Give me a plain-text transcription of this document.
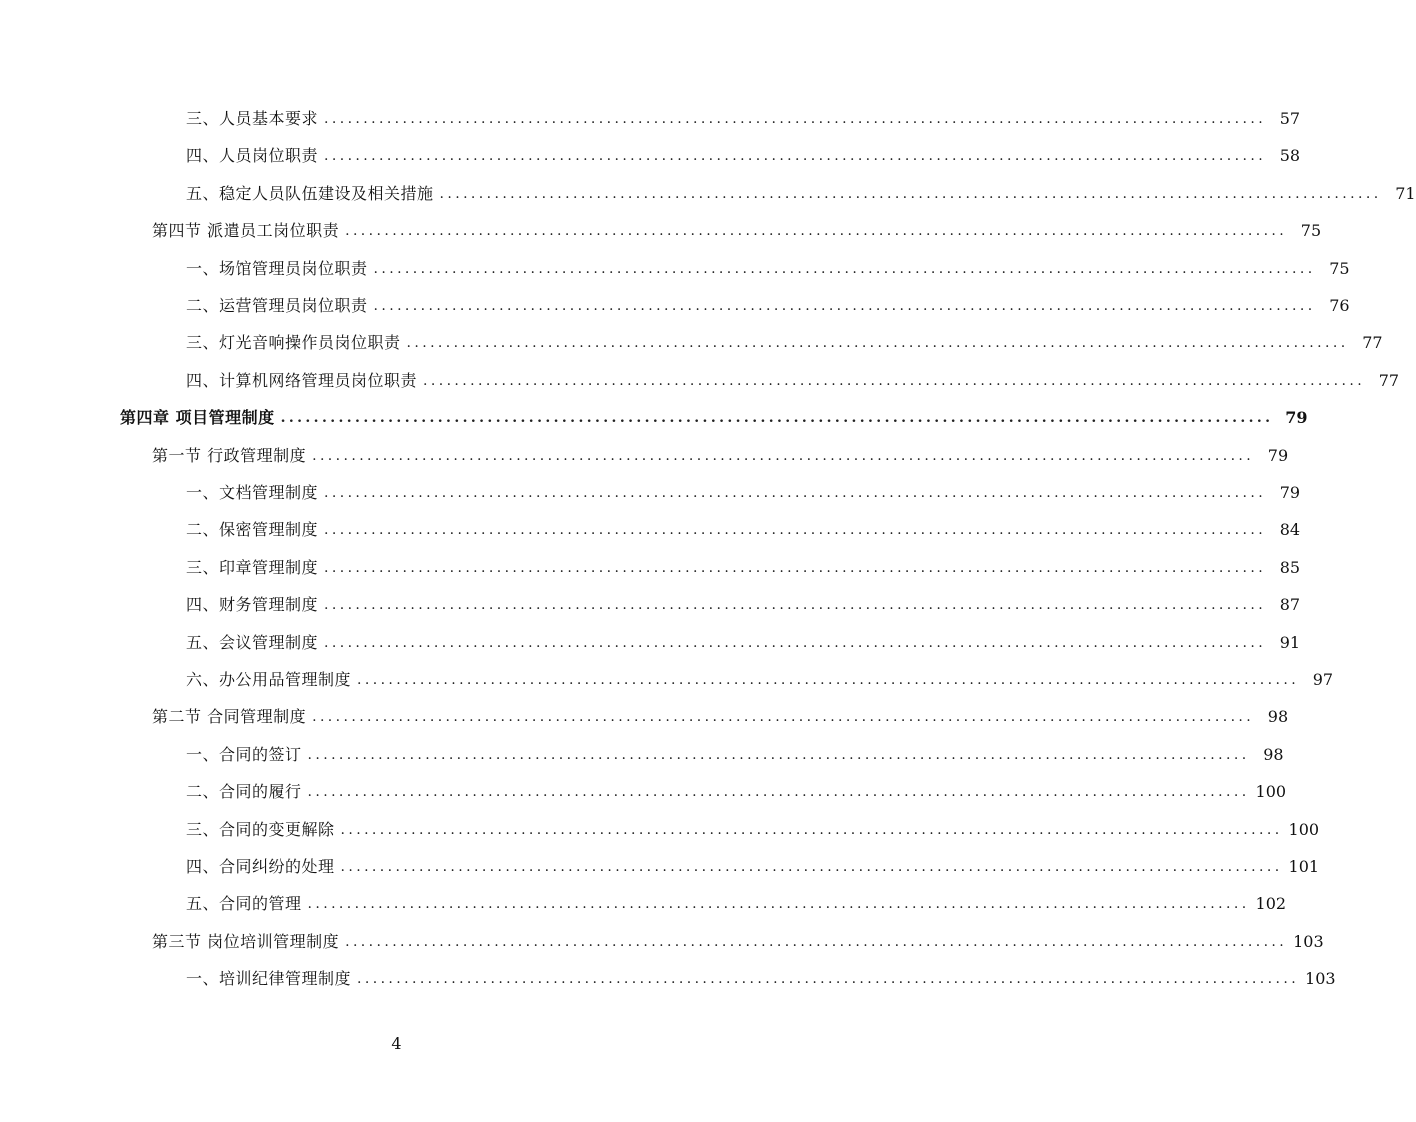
三、人员基本要求 ........................................................................................................................ 57
四、人员岗位职责 ........................................................................................................................ 58
五、稳定人员队伍建设及相关措施 ........................................................................................................................ 71
第四节 派遣员工岗位职责 ........................................................................................................................ 75
一、场馆管理员岗位职责 ........................................................................................................................ 75
二、运营管理员岗位职责 ........................................................................................................................ 76
三、灯光音响操作员岗位职责 ........................................................................................................................ 77
四、计算机网络管理员岗位职责 ........................................................................................................................ 77
第四章 项目管理制度 ........................................................................................................................ 79
第一节 行政管理制度 ........................................................................................................................ 79
一、文档管理制度 ........................................................................................................................ 79
二、保密管理制度 ........................................................................................................................ 84
三、印章管理制度 ........................................................................................................................ 85
四、财务管理制度 ........................................................................................................................ 87
五、会议管理制度 ........................................................................................................................ 91
六、办公用品管理制度 ........................................................................................................................ 97
第二节 合同管理制度 ........................................................................................................................ 98
一、合同的签订 ........................................................................................................................ 98
二、合同的履行 ........................................................................................................................ 100
三、合同的变更解除 ........................................................................................................................ 100
四、合同纠纷的处理 ........................................................................................................................ 101
五、合同的管理 ........................................................................................................................ 102
第三节 岗位培训管理制度 ........................................................................................................................ 103
一、培训纪律管理制度 ........................................................................................................................ 103
4
